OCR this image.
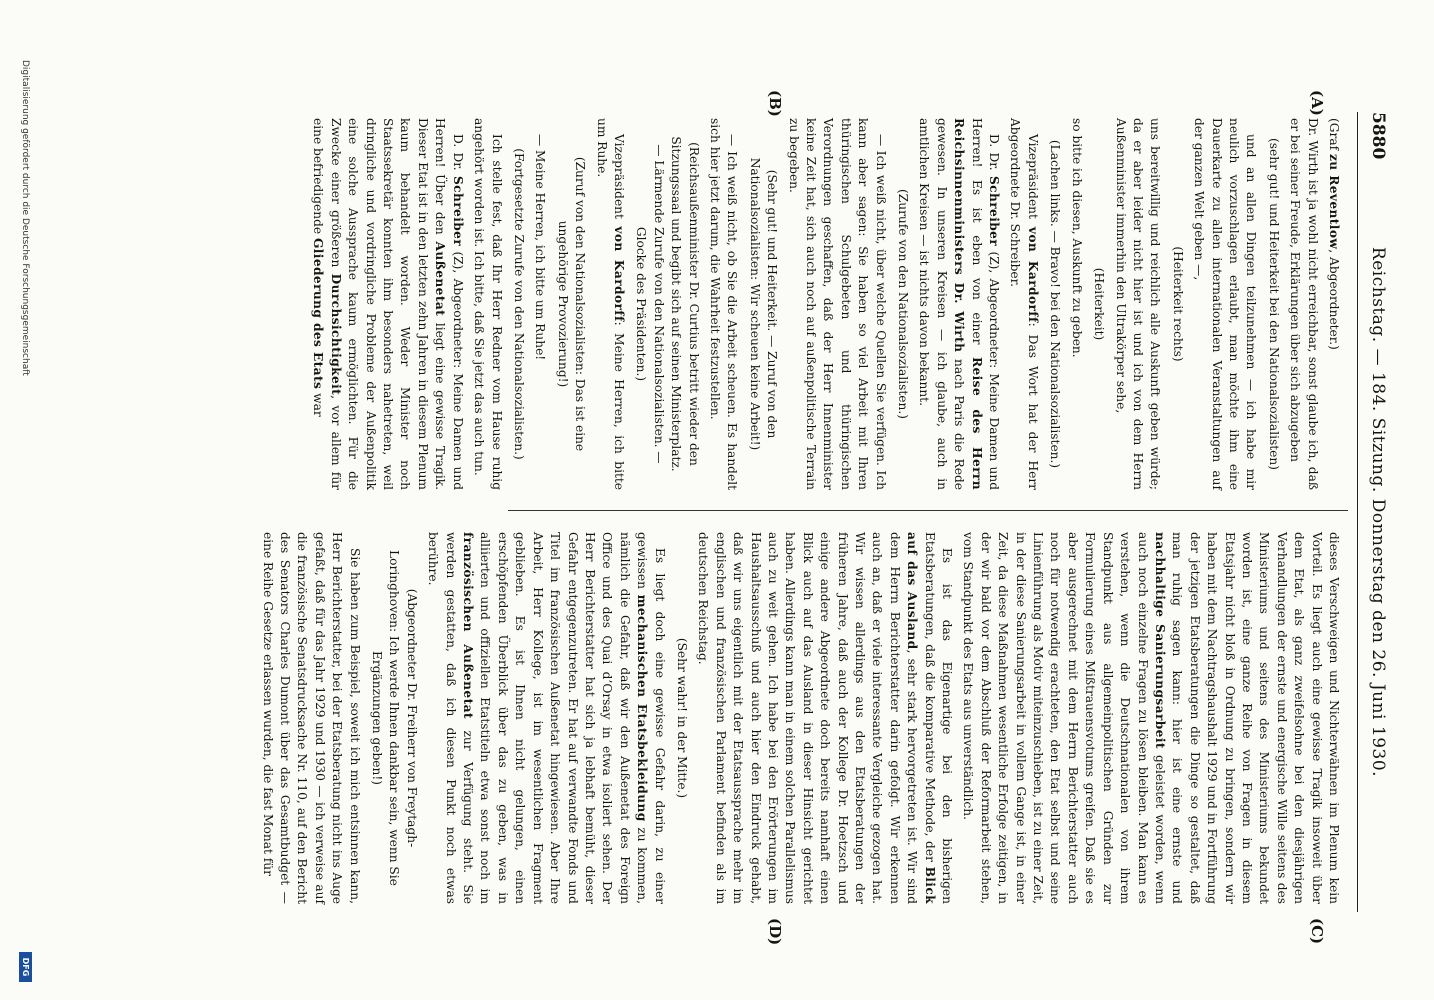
5880
Reichstag. — 184. Sitzung. Donnerstag den 26. Juni 1930.
(A)
(B)
(C)
(D)

(Graf zu Reventlow, Abgeordneter.)

Dr. Wirth ist ja wohl nicht erreichbar, sonst glaube ich, daß er bei seiner Freude, Erklärungen über sich abzugeben

(sehr gut! und Heiterkeit bei den Nationalsozialisten)

und an allen Dingen teilzunehmen — ich habe mir neulich vorzuschlagen erlaubt, man möchte ihm eine Dauerkarte zu allen internationalen Veranstaltungen auf der ganzen Welt geben —,

(Heiterkeit rechts)

uns bereitwillig und reichlich alle Auskunft geben würde; da er aber leider nicht hier ist und ich von dem Herrn Außenminister immerhin den Ultrakörper sehe,

(Heiterkeit)

so bitte ich diesen, Auskunft zu geben.

(Lachen links. — Bravo! bei den Nationalsozialisten.)

Vizepräsident von Kardorff: Das Wort hat der Herr Abgeordnete Dr. Schreiber.

D. Dr. Schreiber (Z), Abgeordneter: Meine Damen und Herren! Es ist eben von einer Reise des Herrn Reichsinnenministers Dr. Wirth nach Paris die Rede gewesen. In unseren Kreisen — ich glaube, auch in amtlichen Kreisen — ist nichts davon bekannt.

(Zurufe von den Nationalsozialisten.)

— Ich weiß nicht, über welche Quellen Sie verfügen. Ich kann aber sagen: Sie haben so viel Arbeit mit Ihren thüringischen Schulgebeten und thüringischen Verordnungen geschaffen, daß der Herr Innenminister keine Zeit hat, sich auch noch auf außenpolitische Terrain zu begeben.

(Sehr gut! und Heiterkeit. — Zuruf von den Nationalsozialisten: Wir scheuen keine Arbeit!)

— Ich weiß nicht, ob Sie die Arbeit scheuen. Es handelt sich hier jetzt darum, die Wahrheit festzustellen.

(Reichsaußenminister Dr. Curtius betritt wieder den Sitzungssaal und begibt sich auf seinen Ministerplatz. — Lärmende Zurufe von den Nationalsozialisten. — Glocke des Präsidenten.)

Vizepräsident von Kardorff: Meine Herren, ich bitte um Ruhe.

(Zuruf von den Nationalsozialisten: Das ist eine ungehörige Provozierung!)

— Meine Herren, ich bitte um Ruhe!

(Fortgesetzte Zurufe von den Nationalsozialisten.)

Ich stelle fest, daß Ihr Herr Redner vom Hause ruhig angehört worden ist. Ich bitte, daß Sie jetzt das auch tun.

D. Dr. Schreiber (Z), Abgeordneter: Meine Damen und Herren! Über den Außenetat liegt eine gewisse Tragik. Dieser Etat ist in den letzten zehn Jahren in diesem Plenum kaum behandelt worden. Weder Minister noch Staatssekretär konnten ihm besonders nahetreten, weil dringliche und vordringliche Probleme der Außenpolitik eine solche Aussprache kaum ermöglichten. Für die Zwecke einer größeren Durchsichtigkeit, vor allem für eine befriedigende Gliederung des Etats war

dieses Verschweigen und Nichterwähnen im Plenum kein Vorteil. Es liegt auch eine gewisse Tragik insoweit über dem Etat, als ganz zweifelsohne bei den diesjährigen Verhandlungen der ernste und energische Wille seitens des Ministeriums und seitens des Ministeriums bekundet worden ist, eine ganze Reihe von Fragen in diesem Etatsjahr nicht bloß in Ordnung zu bringen, sondern wir haben mit dem Nachtragshaushalt 1929 und in Fortführung der jetzigen Etatsberatungen die Dinge so gestaltet, daß man ruhig sagen kann: hier ist eine ernste und nachhaltige Sanierungsarbeit geleistet worden, wenn auch noch einzelne Fragen zu lösen bleiben. Man kann es verstehen, wenn die Deutschnationalen von ihrem Standpunkt aus allgemeinpolitischen Gründen zur Formulierung eines Mißtrauensvotums greifen. Daß sie es aber ausgerechnet mit dem Herrn Berichterstatter auch noch für notwendig erachteten, den Etat selbst und seine Linienführung als Motiv miteinzuschieben, ist zu einer Zeit, in der diese Sanierungsarbeit in vollem Gange ist, in einer Zeit, da diese Maßnahmen wesentliche Erfolge zeitigen, in der wir bald vor dem Abschluß der Reformarbeit stehen, vom Standpunkt des Etats aus unverständlich.

Es ist das Eigenartige bei den bisherigen Etatsberatungen, daß die komparative Methode, der Blick auf das Ausland, sehr stark hervorgetreten ist. Wir sind dem Herrn Berichterstatter darin gefolgt. Wir erkennen auch an, daß er viele interessante Vergleiche gezogen hat. Wir wissen allerdings aus den Etatsberatungen der früheren Jahre, daß auch der Kollege Dr. Hoetzsch und einige andere Abgeordnete doch bereits namhaft einen Blick auch auf das Ausland in dieser Hinsicht gerichtet haben. Allerdings kann man in einem solchen Parallelismus auch zu weit gehen. Ich habe bei den Erörterungen im Haushaltsausschuß und auch hier den Eindruck gehabt, daß wir uns eigentlich mit der Etatsaussprache mehr im englischen und französischen Parlament befinden als im deutschen Reichstag.

(Sehr wahr! in der Mitte.)

Es liegt doch eine gewisse Gefahr darin, zu einer gewissen mechanischen Etatsbekleidung zu kommen, nämlich die Gefahr, daß wir den Außenetat des Foreign Office und des Quai d’Orsay in etwa isoliert sehen. Der Herr Berichterstatter hat sich ja lebhaft bemüht, dieser Gefahr entgegenzutreten. Er hat auf verwandte Fonds und Titel im französischen Außenetat hingewiesen. Aber Ihre Arbeit, Herr Kollege, ist im wesentlichen Fragment geblieben. Es ist Ihnen nicht gelungen, einen erschöpfenden Überblick über das zu geben, was in alliierten und offiziellen Etatstiteln etwa sonst noch im französischen Außenetat zur Verfügung steht. Sie werden gestatten, daß ich diesen Punkt noch etwas berühre.

(Abgeordneter Dr. Freiherr von Freytagh-Loringhoven: Ich werde Ihnen dankbar sein, wenn Sie Ergänzungen geben!)

Sie haben zum Beispiel, soweit ich mich entsinnen kann, Herr Berichterstatter, bei der Etatsberatung nicht ins Auge gefaßt, daß für das Jahr 1929 und 1930 — ich verweise auf die französische Senatsdrucksache Nr. 110, auf den Bericht des Senators Charles Dumont über das Gesamtbudget — eine Reihe Gesetze erlassen wurden, die fast Monat für

Digitalisierung gefördert durch die Deutsche Forschungsgemeinschaft
DFG
